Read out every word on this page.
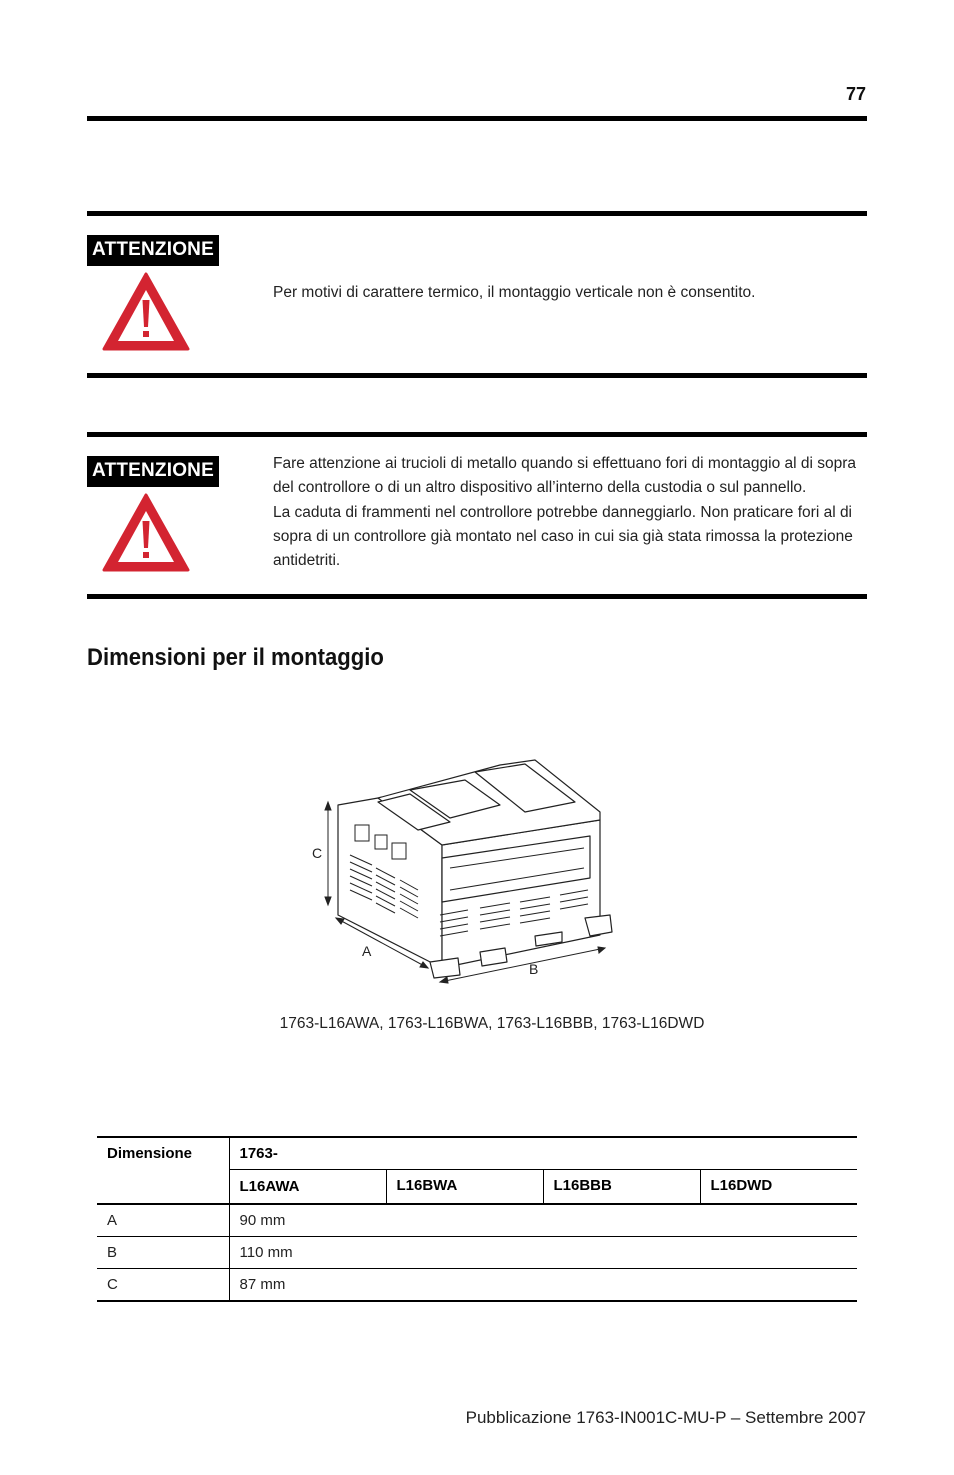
77
ATTENZIONE

Per motivi di carattere termico, il montaggio verticale non è consentito.

ATTENZIONE	Fare attenzione ai trucioli di metallo quando si effettuano fori di montaggio al di sopra del controllore o di un altro dispositivo all’interno della custodia o sul pannello.

La caduta di frammenti nel controllore potrebbe danneggiarlo. Non praticare fori al di sopra di un controllore già montato nel caso in cui sia già stata rimossa la protezione antidetriti.

Dimensioni per il montaggio
C
A
B
1763-L16AWA, 1763-L16BWA, 1763-L16BBB, 1763-L16DWD
Dimensione	1763-			
	L16AWA	L16BWA	L16BBB	L16DWD
A	90 mm			
B	110 mm			
C	87 mm			
Pubblicazione 1763-IN001C-MU-P – Settembre 2007
